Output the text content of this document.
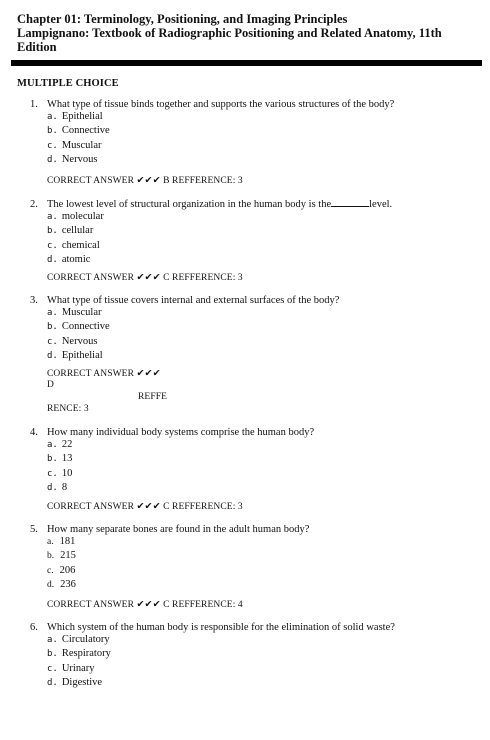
Chapter 01: Terminology, Positioning, and Imaging Principles
Lampignano: Textbook of Radiographic Positioning and Related Anatomy, 11th
Edition
MULTIPLE CHOICE
1. What type of tissue binds together and supports the various structures of the body?
a. Epithelial
b. Connective
c. Muscular
d. Nervous
CORRECT ANSWER ✔✔✔ B REFFERENCE: 3
2. The lowest level of structural organization in the human body is the	level.
a. molecular
b. cellular
c. chemical
d. atomic
CORRECT ANSWER ✔✔✔ C REFFERENCE: 3
3. What type of tissue covers internal and external surfaces of the body?
a. Muscular
b. Connective
c. Nervous
d. Epithelial
CORRECT ANSWER ✔✔✔
D
REFFE
RENCE: 3
4. How many individual body systems comprise the human body?
a. 22
b. 13
c. 10
d. 8
CORRECT ANSWER ✔✔✔ C REFFERENCE: 3
5. How many separate bones are found in the adult human body?
a. 181
b. 215
c. 206
d. 236
CORRECT ANSWER ✔✔✔ C REFFERENCE: 4
6. Which system of the human body is responsible for the elimination of solid waste?
a. Circulatory
b. Respiratory
c. Urinary
d. Digestive
